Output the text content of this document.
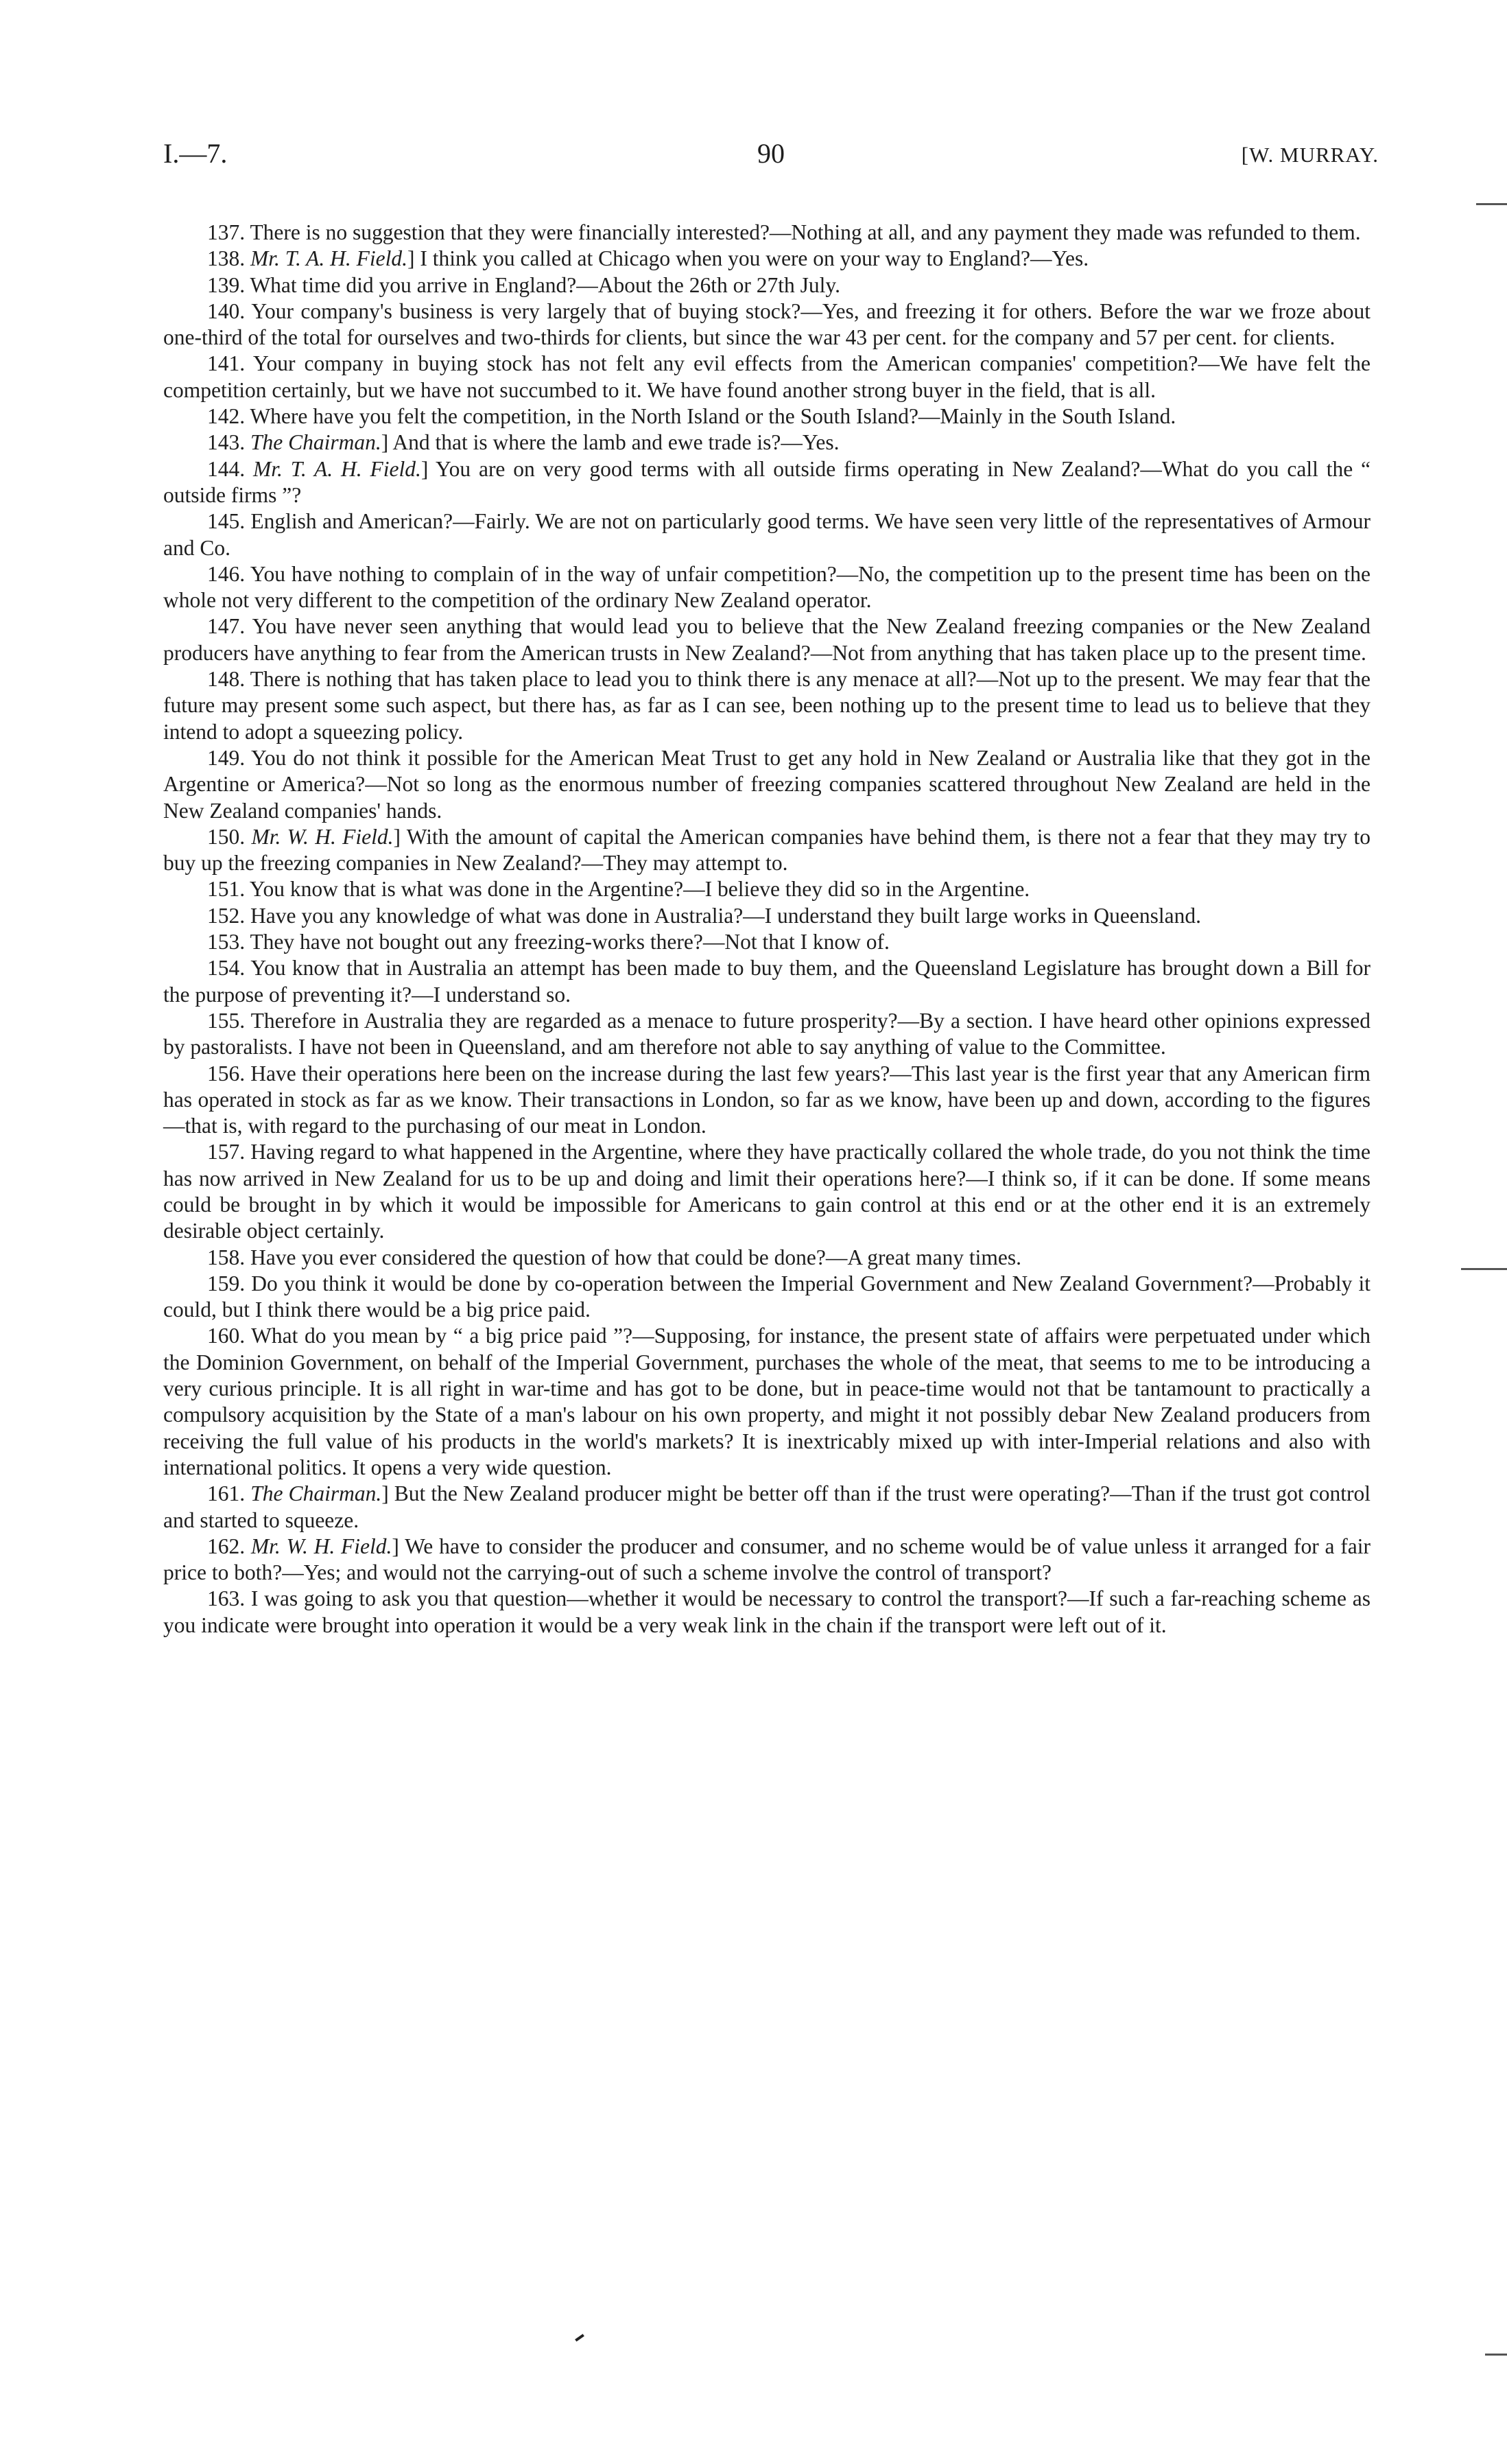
I.—7.	90	[W. MURRAY.

137. There is no suggestion that they were financially interested?—Nothing at all, and any payment they made was refunded to them.

138. Mr. T. A. H. Field.] I think you called at Chicago when you were on your way to England?—Yes.

139. What time did you arrive in England?—About the 26th or 27th July.

140. Your company's business is very largely that of buying stock?—Yes, and freezing it for others. Before the war we froze about one-third of the total for ourselves and two-thirds for clients, but since the war 43 per cent. for the company and 57 per cent. for clients.

141. Your company in buying stock has not felt any evil effects from the American companies' competition?—We have felt the competition certainly, but we have not succumbed to it. We have found another strong buyer in the field, that is all.

142. Where have you felt the competition, in the North Island or the South Island?—Mainly in the South Island.

143. The Chairman.] And that is where the lamb and ewe trade is?—Yes.

144. Mr. T. A. H. Field.] You are on very good terms with all outside firms operating in New Zealand?—What do you call the “ outside firms ”?

145. English and American?—Fairly. We are not on particularly good terms. We have seen very little of the representatives of Armour and Co.

146. You have nothing to complain of in the way of unfair competition?—No, the competition up to the present time has been on the whole not very different to the competition of the ordinary New Zealand operator.

147. You have never seen anything that would lead you to believe that the New Zealand freezing companies or the New Zealand producers have anything to fear from the American trusts in New Zealand?—Not from anything that has taken place up to the present time.

148. There is nothing that has taken place to lead you to think there is any menace at all?—Not up to the present. We may fear that the future may present some such aspect, but there has, as far as I can see, been nothing up to the present time to lead us to believe that they intend to adopt a squeezing policy.

149. You do not think it possible for the American Meat Trust to get any hold in New Zealand or Australia like that they got in the Argentine or America?—Not so long as the enormous number of freezing companies scattered throughout New Zealand are held in the New Zealand companies' hands.

150. Mr. W. H. Field.] With the amount of capital the American companies have behind them, is there not a fear that they may try to buy up the freezing companies in New Zealand?—They may attempt to.

151. You know that is what was done in the Argentine?—I believe they did so in the Argentine.

152. Have you any knowledge of what was done in Australia?—I understand they built large works in Queensland.

153. They have not bought out any freezing-works there?—Not that I know of.

154. You know that in Australia an attempt has been made to buy them, and the Queensland Legislature has brought down a Bill for the purpose of preventing it?—I understand so.

155. Therefore in Australia they are regarded as a menace to future prosperity?—By a section. I have heard other opinions expressed by pastoralists. I have not been in Queensland, and am therefore not able to say anything of value to the Committee.

156. Have their operations here been on the increase during the last few years?—This last year is the first year that any American firm has operated in stock as far as we know. Their transactions in London, so far as we know, have been up and down, according to the figures—that is, with regard to the purchasing of our meat in London.

157. Having regard to what happened in the Argentine, where they have practically collared the whole trade, do you not think the time has now arrived in New Zealand for us to be up and doing and limit their operations here?—I think so, if it can be done. If some means could be brought in by which it would be impossible for Americans to gain control at this end or at the other end it is an extremely desirable object certainly.

158. Have you ever considered the question of how that could be done?—A great many times.

159. Do you think it would be done by co-operation between the Imperial Government and New Zealand Government?—Probably it could, but I think there would be a big price paid.

160. What do you mean by “ a big price paid ”?—Supposing, for instance, the present state of affairs were perpetuated under which the Dominion Government, on behalf of the Imperial Government, purchases the whole of the meat, that seems to me to be introducing a very curious principle. It is all right in war-time and has got to be done, but in peace-time would not that be tantamount to practically a compulsory acquisition by the State of a man's labour on his own property, and might it not possibly debar New Zealand producers from receiving the full value of his products in the world's markets? It is inextricably mixed up with inter-Imperial relations and also with international politics. It opens a very wide question.

161. The Chairman.] But the New Zealand producer might be better off than if the trust were operating?—Than if the trust got control and started to squeeze.

162. Mr. W. H. Field.] We have to consider the producer and consumer, and no scheme would be of value unless it arranged for a fair price to both?—Yes; and would not the carrying-out of such a scheme involve the control of transport?

163. I was going to ask you that question—whether it would be necessary to control the transport?—If such a far-reaching scheme as you indicate were brought into operation it would be a very weak link in the chain if the transport were left out of it.
